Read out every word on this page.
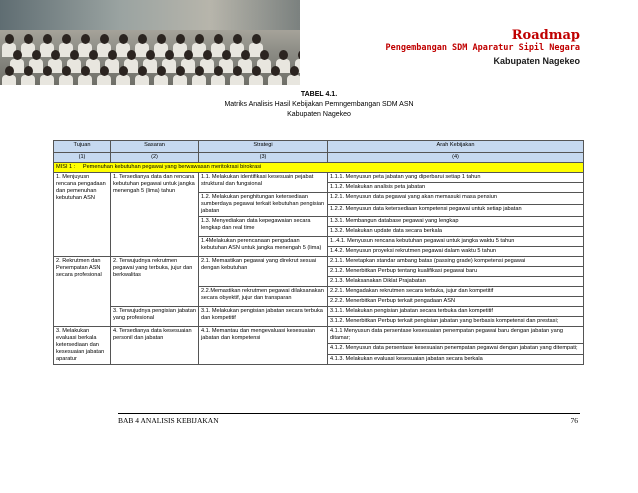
Roadmap
Pengembangan SDM Aparatur Sipil Negara
Kabupaten Nagekeo
TABEL 4.1.
Matriks Analisis Hasil Kebijakan Pemngembangan SDM ASN
Kabupaten Nagekeo
Tujuan	Sasaran	Strategi	Arah Kebijakan
(1)	(2)	(3)	(4)
MISI 1 : Pemenuhan kebutuhan pegawai yang berwawasan meritokrasi birokrasi			
1. Menjuyusn rencana pengadaan dan pemenuhan kebutuhan ASN	1. Tersedianya data dan rencana kebutuhan pegawai untuk jangka menengah 5 (lima) tahun	1.1. Melakukan identifikasi kesesuain pejabat struktural dan fungsional	1.1.1. Menyusun peta jabatan yang diperbarui setiap 1 tahun
			1.1.2. Melakukan analisis peta jabatan
		1.2. Melakukan penghitungan ketersediaan sumberdaya pegawai terkait kebutuhan pengisian jabatan	1.2.1. Menyusun data pegawai yang akan memasuki masa pensiun
			1.2.2. Menyusun data ketersediaan kompetensi pegawai untuk setiap jabatan
		1.3. Menyediakan data kepegawaian secara lengkap dan real time	1.3.1. Membangun database pegawai yang lengkap
			1.3.2. Melakukan update data secara berkala
		1.4Melakukan perencanaan pengadaan kebutuhan ASN untuk jangka menengah 5 (lima)	1..4.1. Menyusun rencana kebutuhan pegawai untuk jangka waktu 5 tahun
			1.4.2. Menyusun proyeksi rekrutmen pegawai dalam waktu 5 tahun
2. Rekrutmen dan Penempatan ASN secara profesional	2. Terwujudnya rekrutmen pegawai yang terbuka, jujur dan berkwalitas	2.1. Memastikan pegawai yang direkrut sesuai dengan kebutuhan	2.1.1. Meretapkan standar ambang batas (passing grade) kompetensi pegawai
			2.1.2. Menerbitkan Perbup tentang kualifikasi pegawai baru
			2.1.3. Melaksanakan Diklat Prajabatan
		2.2.Memastikan rekrutmen pegawai dilaksanakan secara obyektif, jujur dan transparan	2.2.1. Mengadakan rekrutmen secara terbuka, jujur dan kompetitif
			2.2.2. Menerbitkan Perbup terkait pengadaan ASN
	3. Terwujudnya pengisian jabatan yang profesional	3.1. Melakukan pengisian jabatan secara terbuka dan kompetitif	3.1.1. Melakukan pengisian jabatan secara terbuka dan kompetitif
			3.1.2. Menerbitkan Perbup terkait pengisian jabatan yang berbasis kompetensi dan prestasi;
3. Melakukan evaluasi berkala ketersediaan dan kesesuaian jabatan aparatur	4. Tersedianya data kesesuaian personil dan jabatan	4.1. Memantau dan mengevaluasi kesesuaian jabatan dan kompetensi	4.1.1 Menyusun data persentase kesesuaian penempatan pegawai baru dengan jabatan yang ditamar;
			4.1.2. Menyusun data persentase kesesuaian penempatan pegawai dengan jabatan yang ditempati;
			4.1.3. Melakukan evaluasi kesesuaian jabatan secara berkala
BAB 4 ANALISIS KEBIJAKAN	76
